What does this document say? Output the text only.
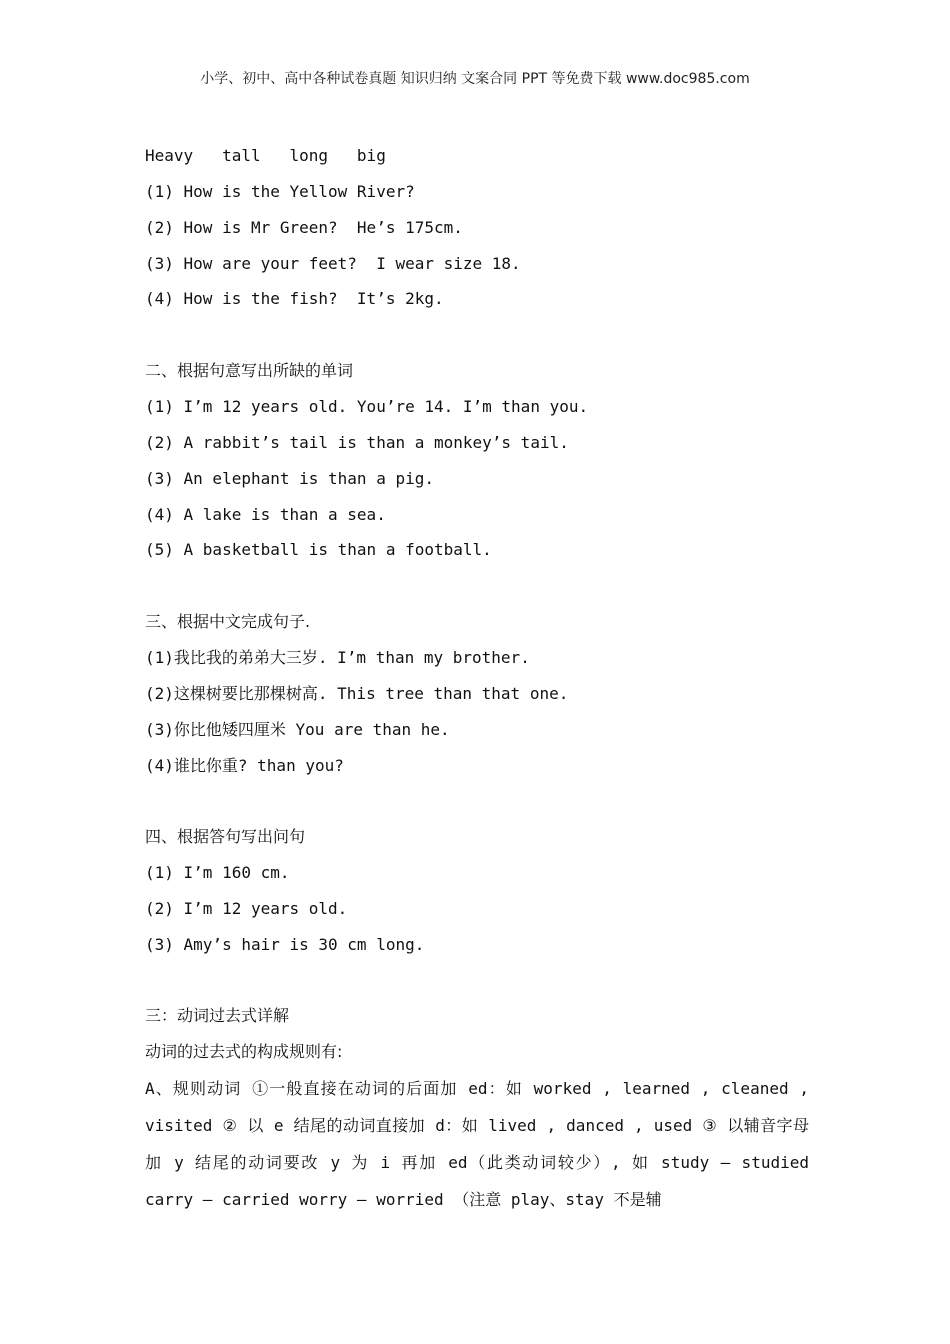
小学、初中、高中各种试卷真题 知识归纳 文案合同 PPT 等免费下载 www.doc985.com
Heavy   tall   long   big
(1) How is the Yellow River?
(2) How is Mr Green?  He’s 175cm.
(3) How are your feet?  I wear size 18.
(4) How is the fish?  It’s 2kg.
二、根据句意写出所缺的单词
(1) I’m 12 years old. You’re 14. I’m than you.
(2) A rabbit’s tail is than a monkey’s tail.
(3) An elephant is than a pig.
(4) A lake is than a sea.
(5) A basketball is than a football.
三、根据中文完成句子.
(1)我比我的弟弟大三岁. I’m than my brother.
(2)这棵树要比那棵树高. This tree than that one.
(3)你比他矮四厘米 You are than he.
(4)谁比你重? than you?
四、根据答句写出问句
(1) I’m 160 cm.
(2) I’m 12 years old.
(3) Amy’s hair is 30 cm long.
三：动词过去式详解
动词的过去式的构成规则有:
A、规则动词 ①一般直接在动词的后面加 ed：如 worked , learned , cleaned , visited ② 以 e 结尾的动词直接加 d：如 lived , danced , used ③ 以辅音字母加 y 结尾的动词要改 y 为 i 再加 ed（此类动词较少）, 如 study – studied carry – carried worry – worried （注意 play、stay 不是辅
